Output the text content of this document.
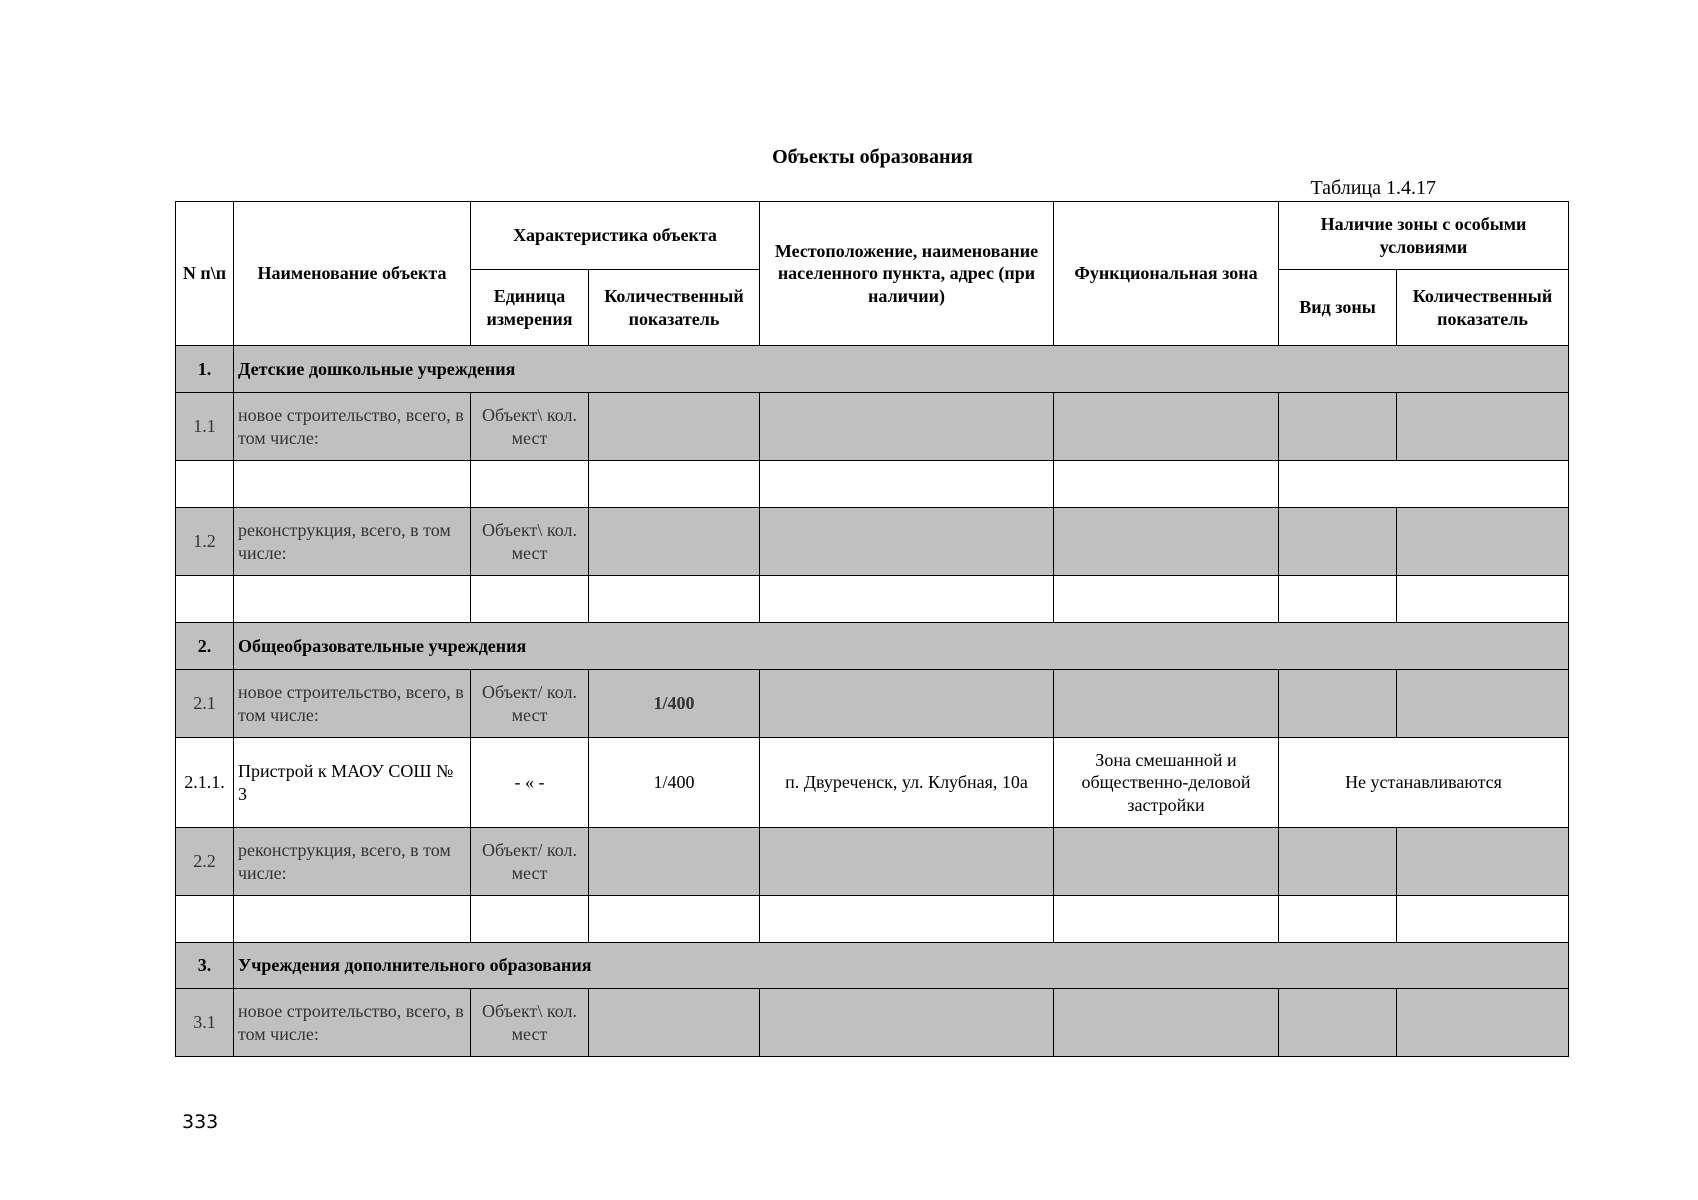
Объекты образования
Таблица 1.4.17
N п\п	Наименование объекта	Характеристика объекта		Местоположение, наименование населенного пункта, адрес (при наличии)	Функциональная зона	Наличие зоны с особыми условиями	
		Единица измерения	Количественный показатель			Вид зоны	Количественный показатель
1.	Детские дошкольные учреждения						
1.1	новое строительство, всего, в том числе:	Объект\ кол. мест					

1.2	реконструкция, всего, в том числе:	Объект\ кол. мест					

2.	Общеобразовательные учреждения						
2.1	новое строительство, всего, в том числе:	Объект/ кол. мест	1/400				
2.1.1.	Пристрой к МАОУ СОШ № 3	- « -	1/400	п. Двуреченск, ул. Клубная, 10а	Зона смешанной и общественно-деловой застройки	Не устанавливаются	
2.2	реконструкция, всего, в том числе:	Объект/ кол. мест					

3.	Учреждения дополнительного образования						
3.1	новое строительство, всего, в том числе:	Объект\ кол. мест					
333
